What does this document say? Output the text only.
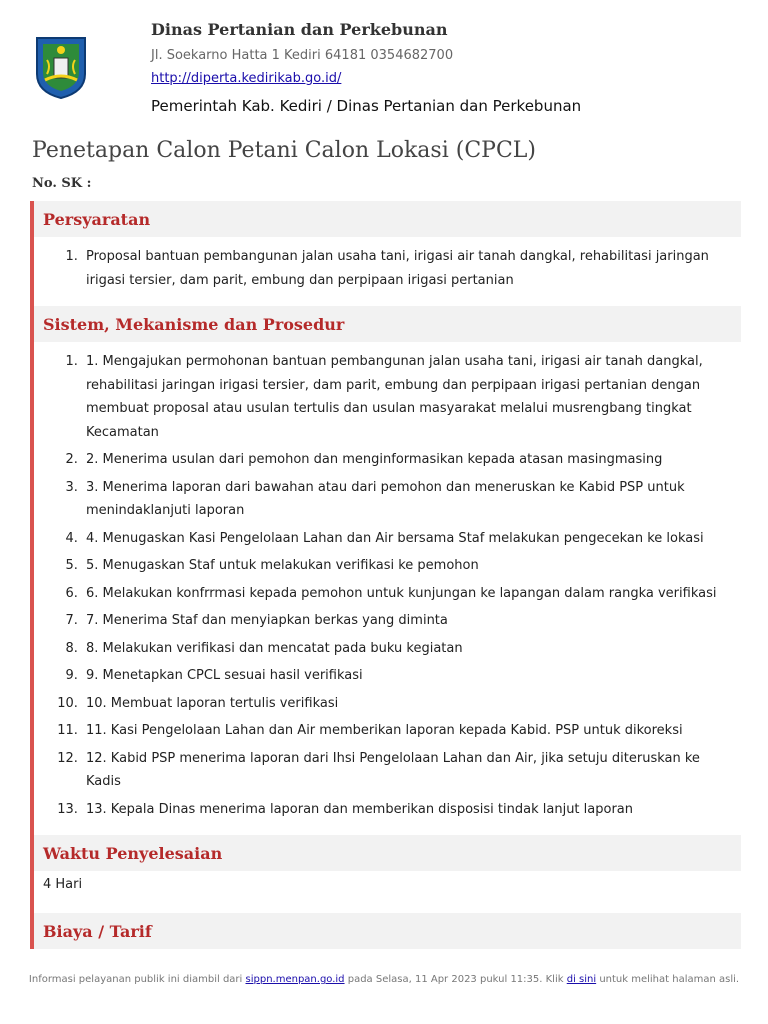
Dinas Pertanian dan Perkebunan
Jl. Soekarno Hatta 1 Kediri 64181 0354682700
http://diperta.kedirikab.go.id/
Pemerintah Kab. Kediri / Dinas Pertanian dan Perkebunan
Penetapan Calon Petani Calon Lokasi (CPCL)
No. SK :
Persyaratan
1. Proposal bantuan pembangunan jalan usaha tani, irigasi air tanah dangkal, rehabilitasi jaringan irigasi tersier, dam parit, embung dan perpipaan irigasi pertanian
Sistem, Mekanisme dan Prosedur
1. 1. Mengajukan permohonan bantuan pembangunan jalan usaha tani, irigasi air tanah dangkal, rehabilitasi jaringan irigasi tersier, dam parit, embung dan perpipaan irigasi pertanian dengan membuat proposal atau usulan tertulis dan usulan masyarakat melalui musrengbang tingkat Kecamatan
2. 2. Menerima usulan dari pemohon dan menginformasikan kepada atasan masingmasing
3. 3. Menerima laporan dari bawahan atau dari pemohon dan meneruskan ke Kabid PSP untuk menindaklanjuti laporan
4. 4. Menugaskan Kasi Pengelolaan Lahan dan Air bersama Staf melakukan pengecekan ke lokasi
5. 5. Menugaskan Staf untuk melakukan verifikasi ke pemohon
6. 6. Melakukan konfrrmasi kepada pemohon untuk kunjungan ke lapangan dalam rangka verifikasi
7. 7. Menerima Staf dan menyiapkan berkas yang diminta
8. 8. Melakukan verifikasi dan mencatat pada buku kegiatan
9. 9. Menetapkan CPCL sesuai hasil verifikasi
10. 10. Membuat laporan tertulis verifikasi
11. 11. Kasi Pengelolaan Lahan dan Air memberikan laporan kepada Kabid. PSP untuk dikoreksi
12. 12. Kabid PSP menerima laporan dari Ihsi Pengelolaan Lahan dan Air, jika setuju diteruskan ke Kadis
13. 13. Kepala Dinas menerima laporan dan memberikan disposisi tindak lanjut laporan
Waktu Penyelesaian
4 Hari
Biaya / Tarif
Informasi pelayanan publik ini diambil dari sippn.menpan.go.id pada Selasa, 11 Apr 2023 pukul 11:35. Klik di sini untuk melihat halaman asli.
